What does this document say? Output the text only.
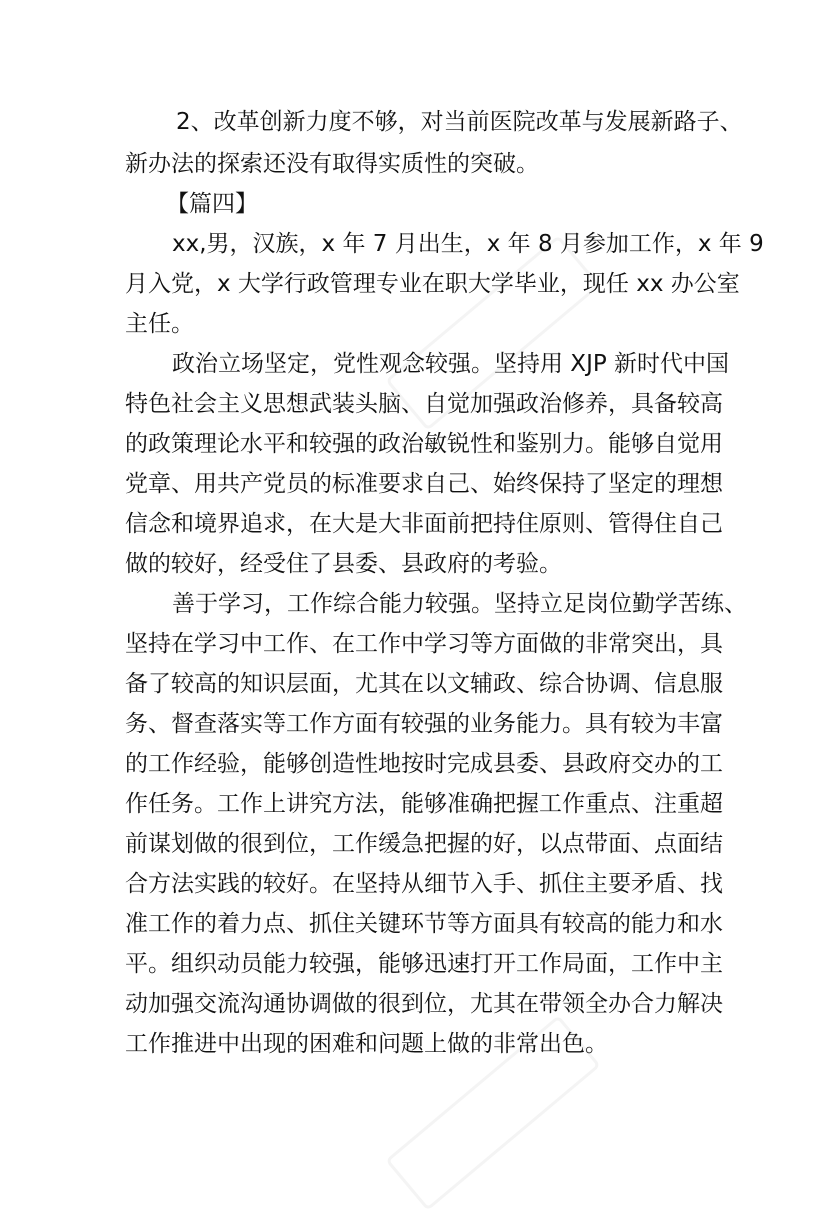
2、改革创新力度不够，对当前医院改革与发展新路子、
新办法的探索还没有取得实质性的突破。
【篇四】
xx,男，汉族，x 年 7 月出生，x 年 8 月参加工作，x 年 9
月入党，x 大学行政管理专业在职大学毕业，现任 xx 办公室
主任。
政治立场坚定，党性观念较强。坚持用 XJP 新时代中国
特色社会主义思想武装头脑、自觉加强政治修养，具备较高
的政策理论水平和较强的政治敏锐性和鉴别力。能够自觉用
党章、用共产党员的标准要求自己、始终保持了坚定的理想
信念和境界追求，在大是大非面前把持住原则、管得住自己
做的较好，经受住了县委、县政府的考验。
善于学习，工作综合能力较强。坚持立足岗位勤学苦练、
坚持在学习中工作、在工作中学习等方面做的非常突出，具
备了较高的知识层面，尤其在以文辅政、综合协调、信息服
务、督查落实等工作方面有较强的业务能力。具有较为丰富
的工作经验，能够创造性地按时完成县委、县政府交办的工
作任务。工作上讲究方法，能够准确把握工作重点、注重超
前谋划做的很到位，工作缓急把握的好，以点带面、点面结
合方法实践的较好。在坚持从细节入手、抓住主要矛盾、找
准工作的着力点、抓住关键环节等方面具有较高的能力和水
平。组织动员能力较强，能够迅速打开工作局面，工作中主
动加强交流沟通协调做的很到位，尤其在带领全办合力解决
工作推进中出现的困难和问题上做的非常出色。
